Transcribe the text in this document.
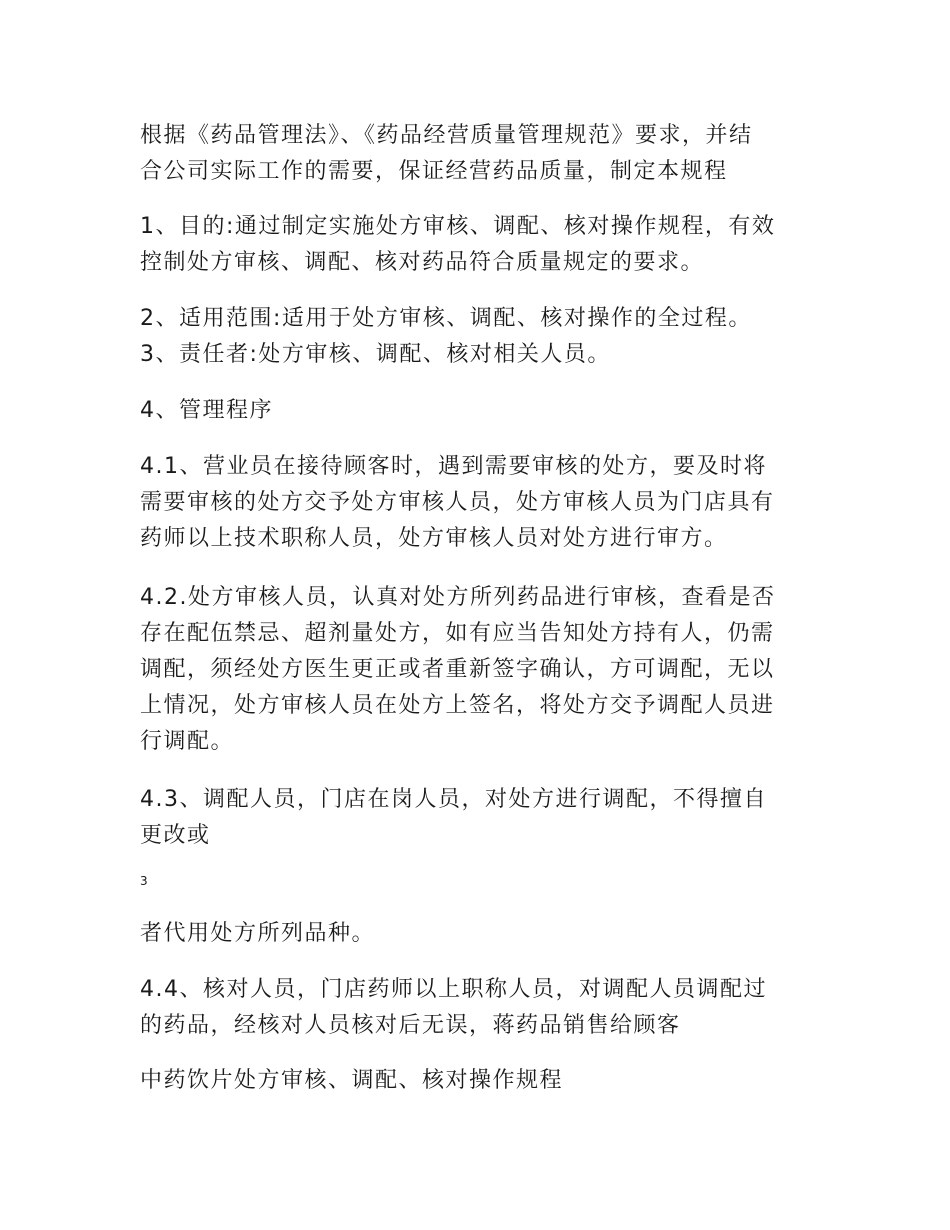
根据《药品管理法》、《药品经营质量管理规范》要求，并结
合公司实际工作的需要，保证经营药品质量，制定本规程

1、目的:通过制定实施处方审核、调配、核对操作规程，有效
控制处方审核、调配、核对药品符合质量规定的要求。

2、适用范围:适用于处方审核、调配、核对操作的全过程。

3、责任者:处方审核、调配、核对相关人员。

4、管理程序

4.1、营业员在接待顾客时，遇到需要审核的处方，要及时将
需要审核的处方交予处方审核人员，处方审核人员为门店具有
药师以上技术职称人员，处方审核人员对处方进行审方。

4.2.处方审核人员，认真对处方所列药品进行审核，查看是否
存在配伍禁忌、超剂量处方，如有应当告知处方持有人，仍需
调配，须经处方医生更正或者重新签字确认，方可调配，无以
上情况，处方审核人员在处方上签名，将处方交予调配人员进
行调配。

4.3、调配人员，门店在岗人员，对处方进行调配，不得擅自
更改或

3

者代用处方所列品种。

4.4、核对人员，门店药师以上职称人员，对调配人员调配过
的药品，经核对人员核对后无误，蒋药品销售给顾客

中药饮片处方审核、调配、核对操作规程
